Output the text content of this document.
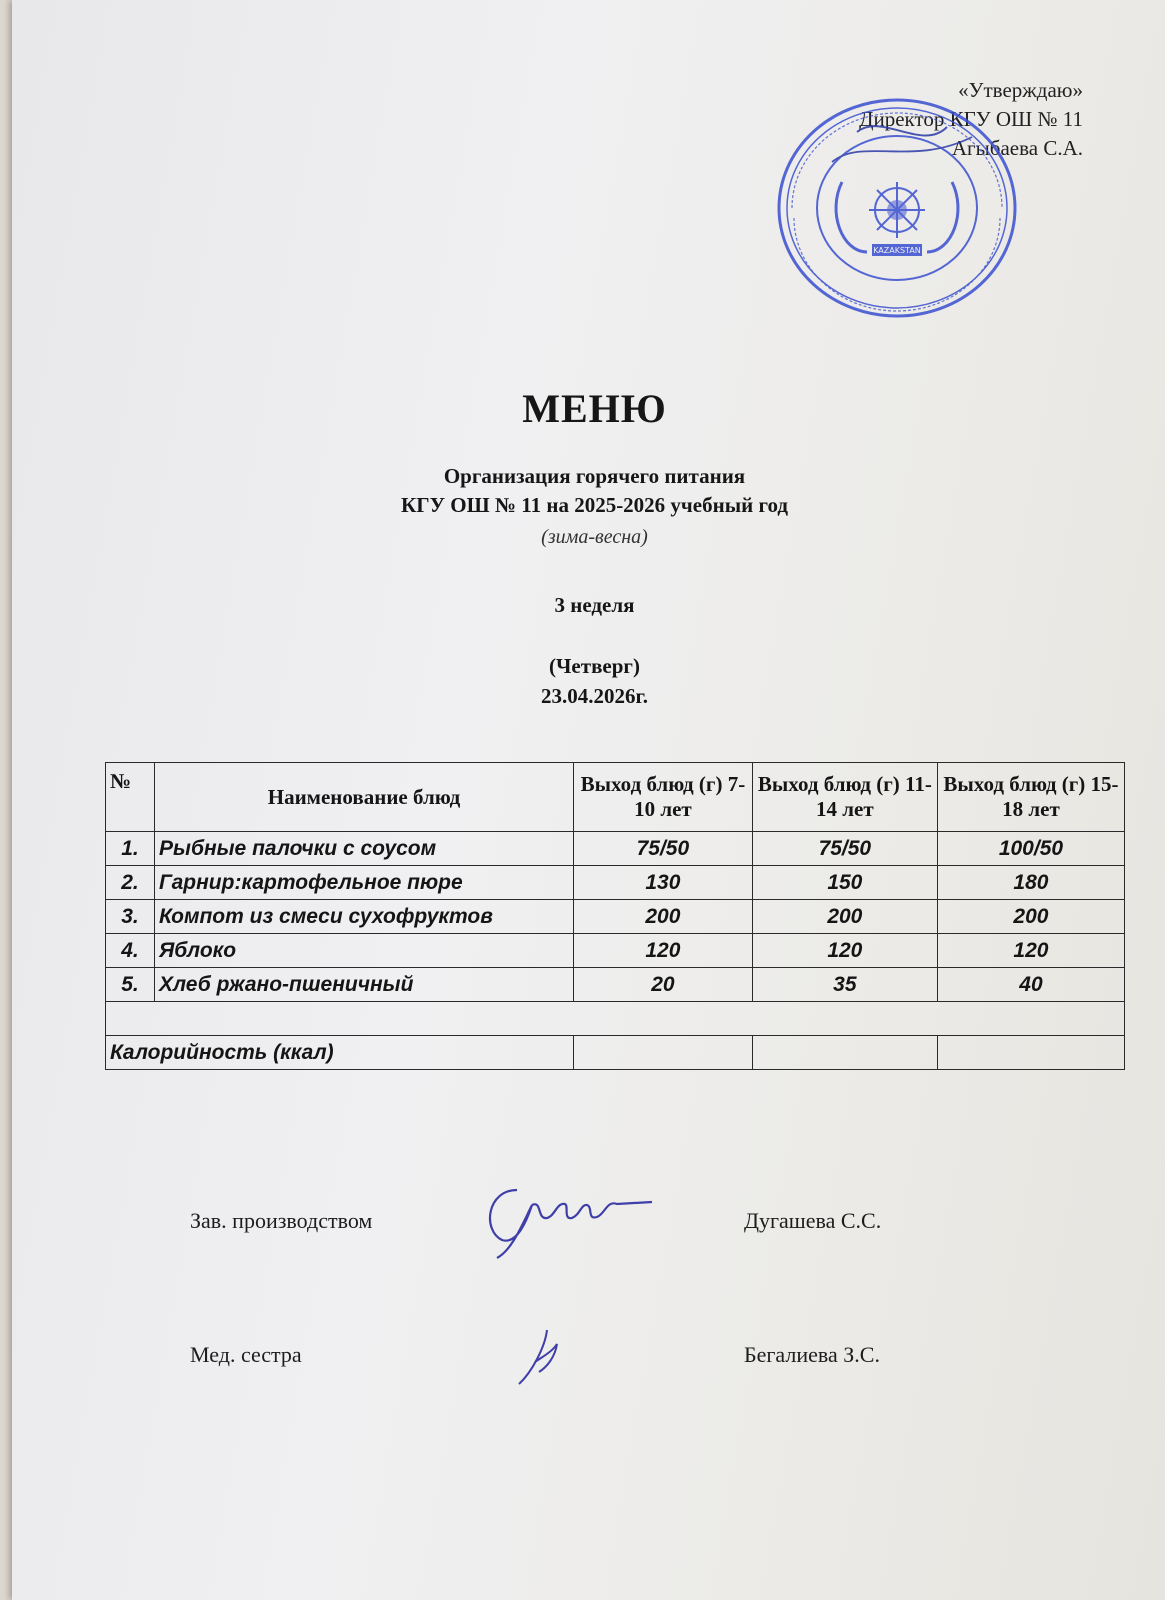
«Утверждаю»
Директор КГУ ОШ № 11
Агыбаева С.А.
KAZAKSTAN
МЕНЮ
Организация горячего питания
КГУ ОШ № 11 на 2025-2026 учебный год
(зима-весна)
3 неделя
(Четверг)
23.04.2026г.
№	Наименование блюд	Выход блюд (г) 7-10 лет	Выход блюд (г) 11-14 лет	Выход блюд (г) 15-18 лет
1.	Рыбные палочки с соусом	75/50	75/50	100/50
2.	Гарнир:картофельное пюре	130	150	180
3.	Компот из смеси сухофруктов	200	200	200
4.	Яблоко	120	120	120
5.	Хлеб ржано-пшеничный	20	35	40

Калорийность (ккал)				
Зав. производством	Дугашева С.С.
Мед. сестра	Бегалиева З.С.
